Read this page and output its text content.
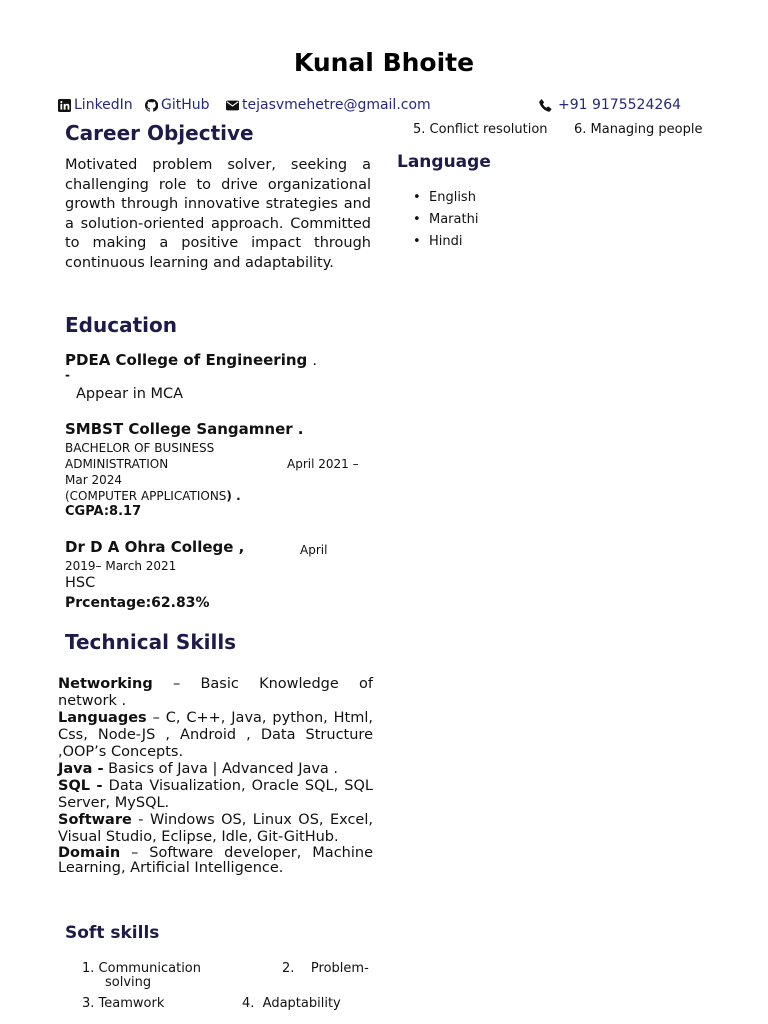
Kunal Bhoite
LinkedIn GitHub tejasvmehetre@gmail.com	+91 9175524264
Career Objective
Motivated problem solver, seeking a challenging role to drive organizational growth through innovative strategies and a solution-oriented approach. Committed to making a positive impact through continuous learning and adaptability.
Education
PDEA College of Engineering .
-
Appear in MCA
SMBST College Sangamner .
BACHELOR OF BUSINESS
ADMINISTRATION	April 2021 –
Mar 2024
(COMPUTER APPLICATIONS) .
CGPA:8.17
Dr D A Ohra College ,	April
2019– March 2021
HSC
Prcentage:62.83%
Technical Skills

Networking – Basic Knowledge of network .

Languages – C, C++, Java, python, Html, Css, Node-JS , Android , Data Structure ,OOP’s Concepts.

Java - Basics of Java | Advanced Java .

SQL - Data Visualization, Oracle SQL, SQL Server, MySQL.

Software - Windows OS, Linux OS, Excel, Visual Studio, Eclipse, Idle, Git-GitHub.

Domain – Software developer, Machine Learning, Artificial Intelligence.

Soft skills
1. Communication
solving
2.    Problem-
3. Teamwork	4.  Adaptability
5. Conflict resolution 6. Managing people
Language
• English
• Marathi
• Hindi
